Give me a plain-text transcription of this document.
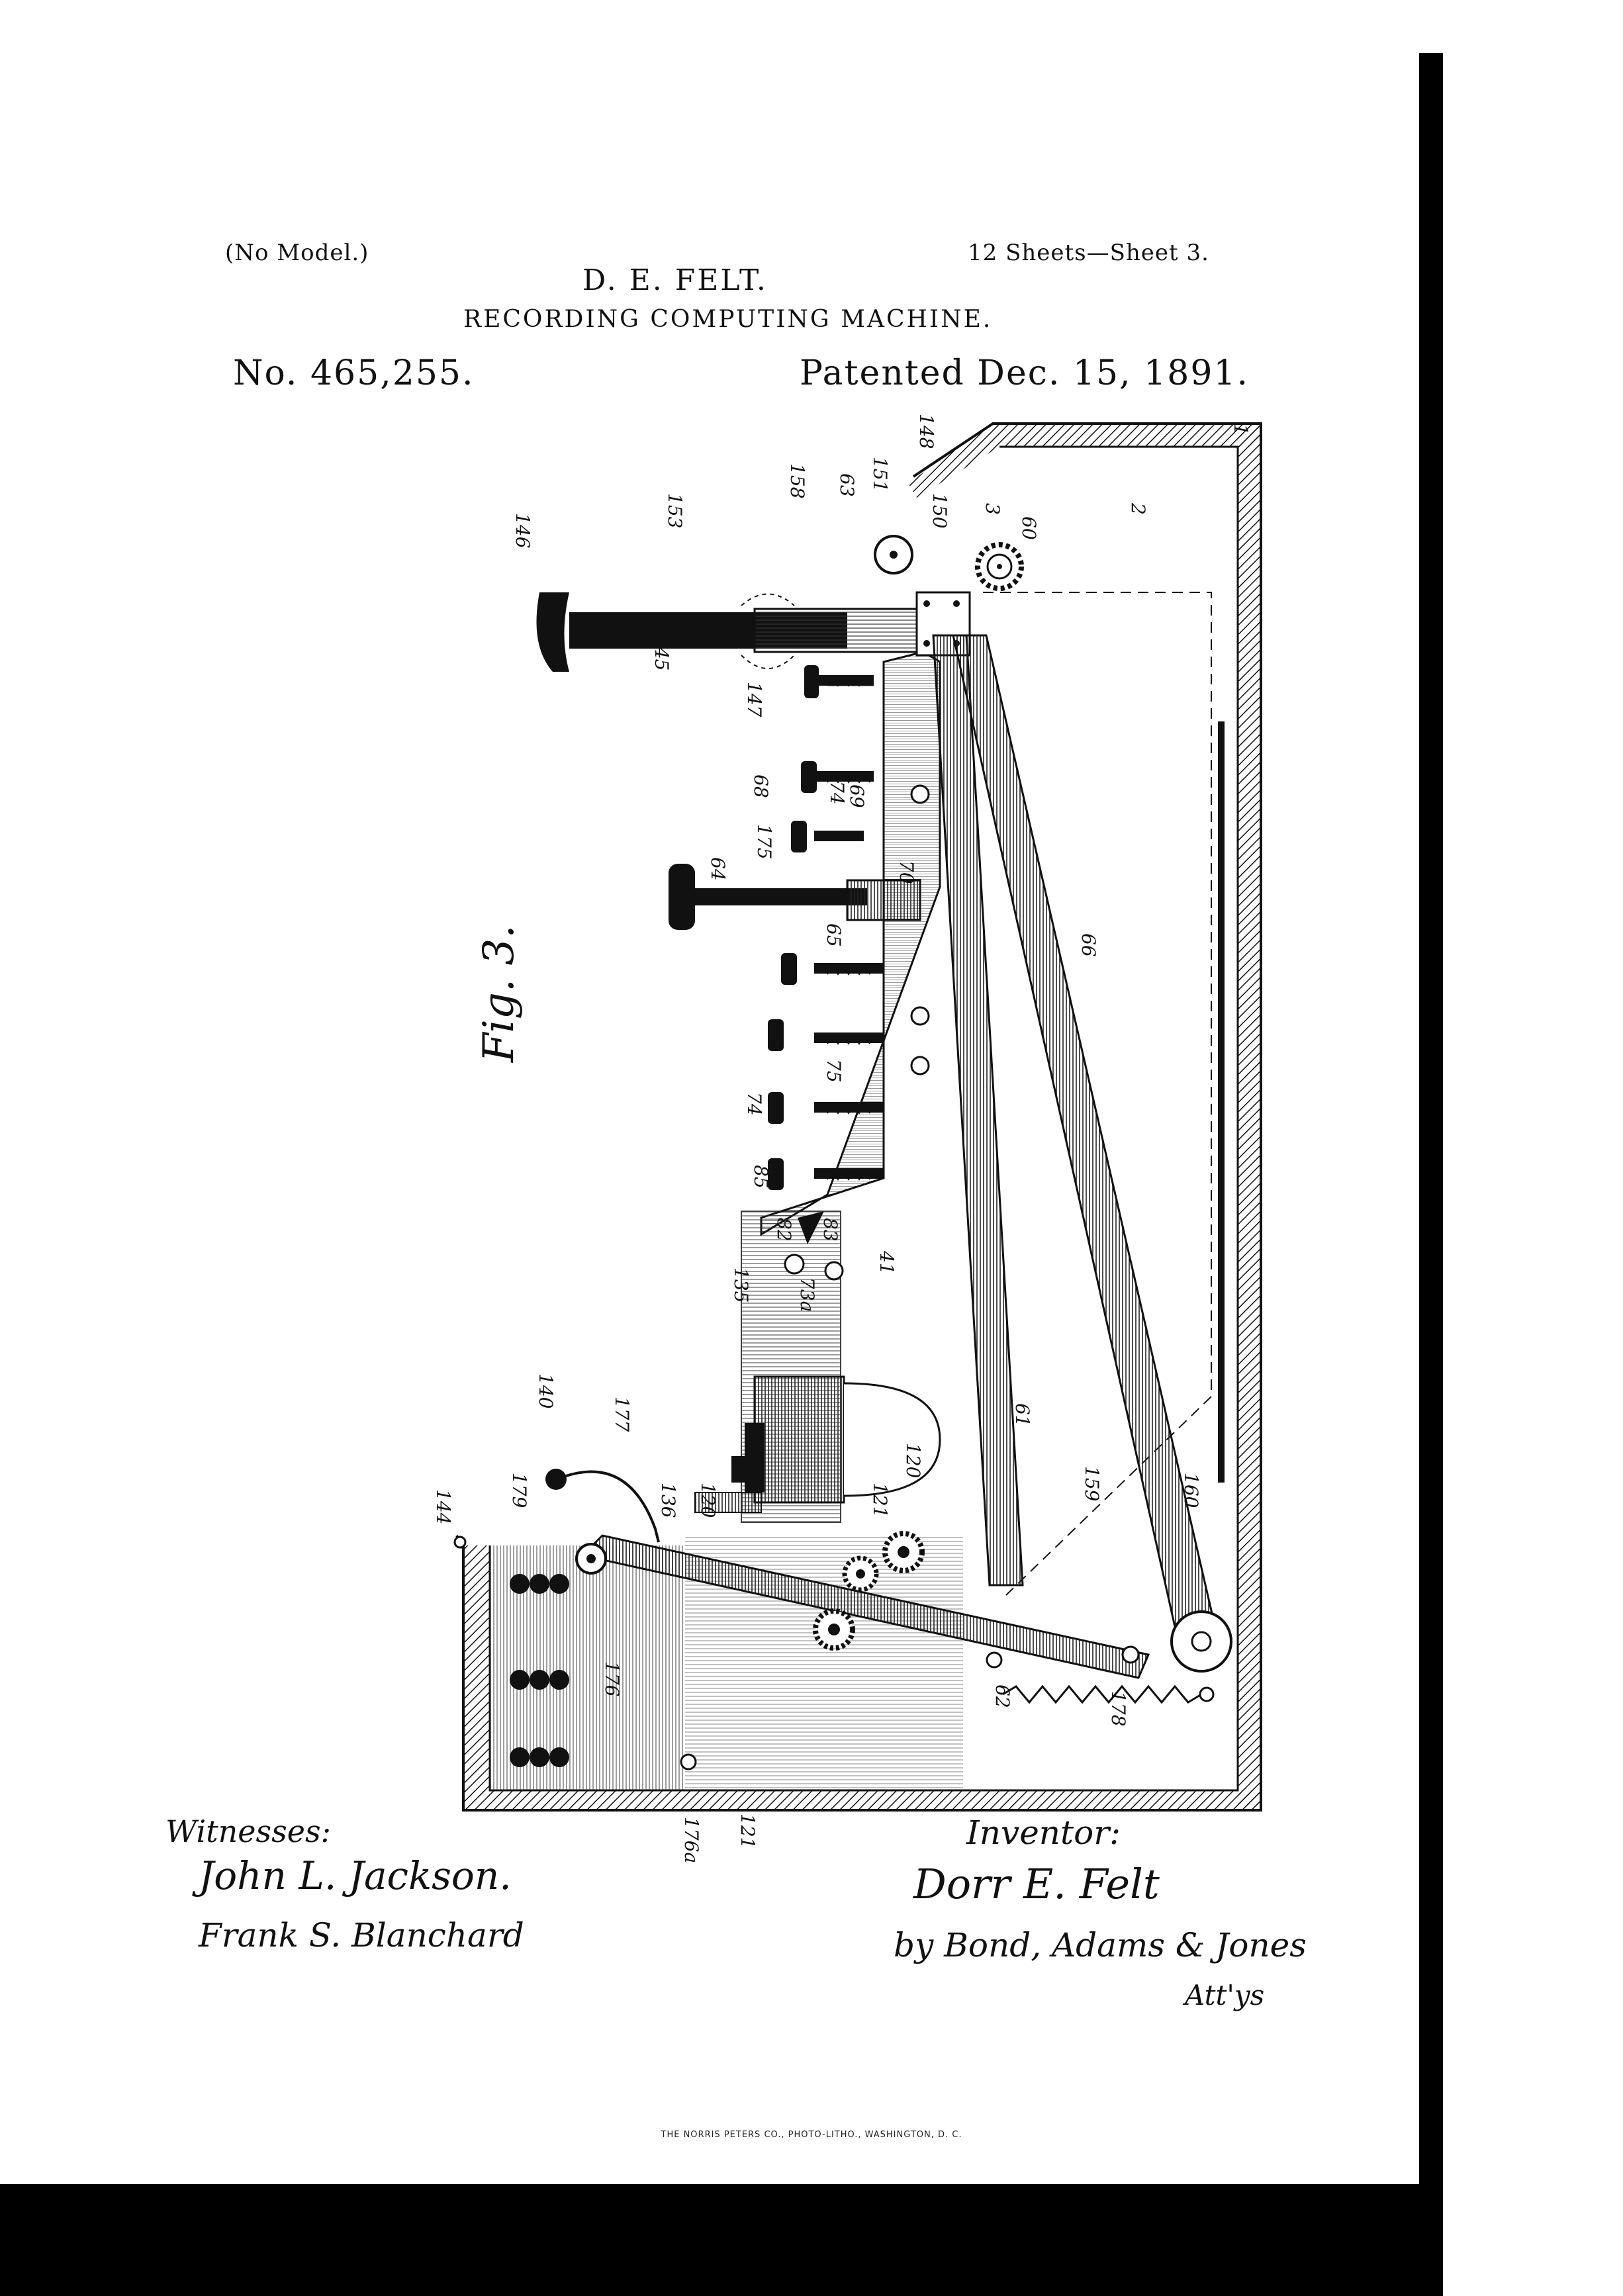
(No Model.)	12 Sheets—Sheet 3.
D. E. FELT.
RECORDING COMPUTING MACHINE.
No. 465,255.	Patented Dec. 15, 1891.
Fig. 3.
1
2
3
60
148
150
151
63
158
153
146
145
147
68	74
69
64
175
70
65	66
75
74
85
82 83
41
135 73a
61
159	160
62	178
177
140
179
144	136 120	121
120
176
121
176a
Witnesses:
John L. Jackson.
Frank S. Blanchard
Inventor:
Dorr E. Felt
by Bond, Adams & Jones
Att'ys
THE NORRIS PETERS CO., PHOTO-LITHO., WASHINGTON, D. C.
